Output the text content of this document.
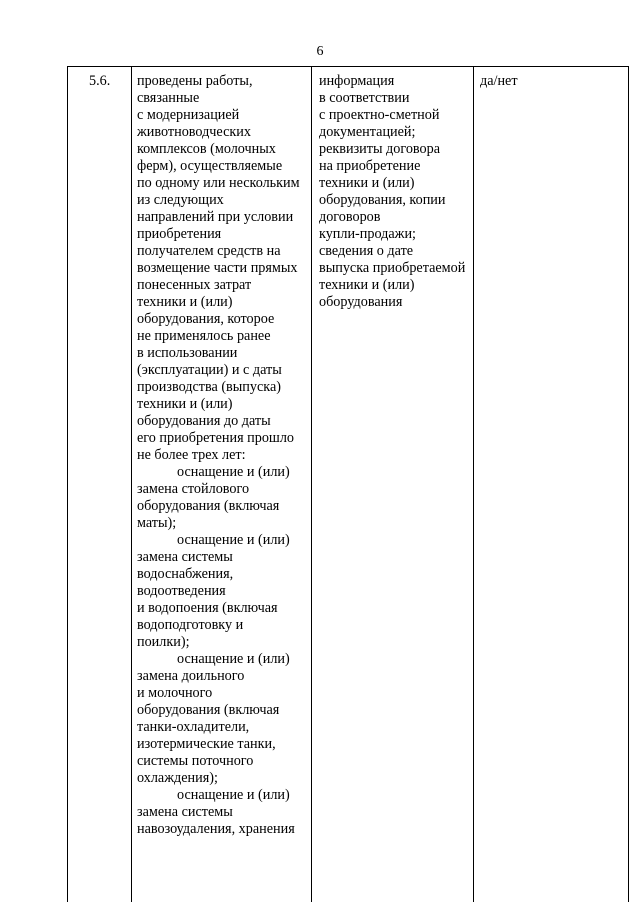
6
5.6. проведены работы,
связанные
с модернизацией
животноводческих
комплексов (молочных
ферм), осуществляемые
по одному или нескольким
из следующих
направлений при условии
приобретения
получателем средств на
возмещение части прямых
понесенных затрат
техники и (или)
оборудования, которое
не применялось ранее
в использовании
(эксплуатации) и с даты
производства (выпуска)
техники и (или)
оборудования до даты
его приобретения прошло
не более трех лет:
оснащение и (или)
замена стойлового
оборудования (включая
маты);
оснащение и (или)
замена системы
водоснабжения,
водоотведения
и водопоения (включая
водоподготовку и
поилки);
оснащение и (или)
замена доильного
и молочного
оборудования (включая
танки-охладители,
изотермические танки,
системы поточного
охлаждения);
оснащение и (или)
замена системы
навозоудаления, хранения
информация
в соответствии
с проектно-сметной
документацией;
реквизиты договора
на приобретение
техники и (или)
оборудования, копии
договоров
купли-продажи;
сведения о дате
выпуска приобретаемой
техники и (или)
оборудования
да/нет
